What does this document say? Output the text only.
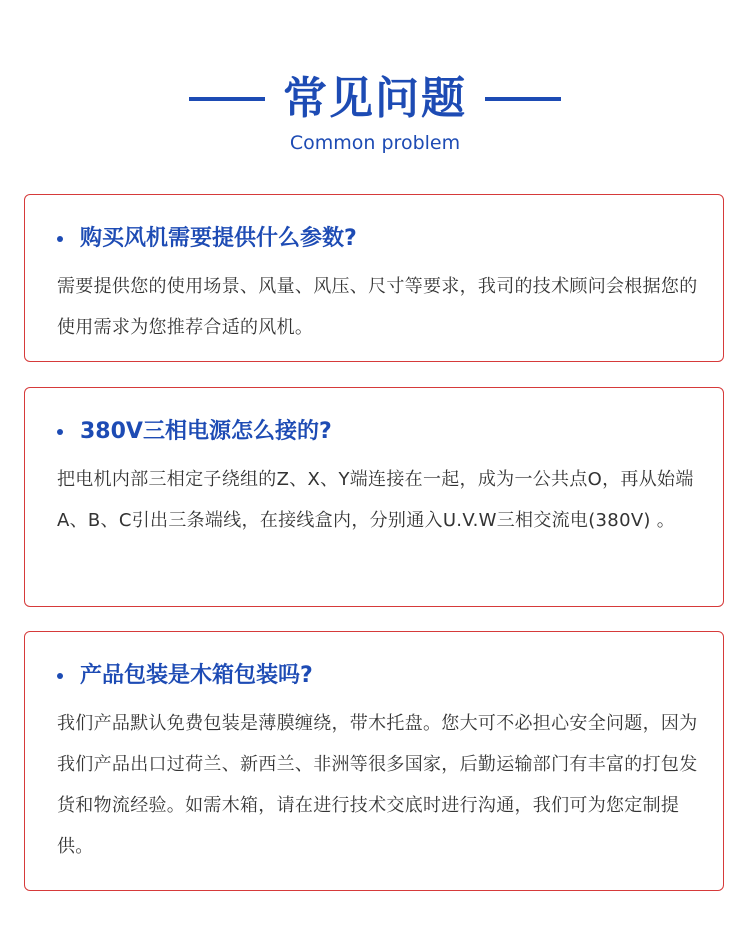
常见问题
Common problem
购买风机需要提供什么参数?
需要提供您的使用场景、风量、风压、尺寸等要求，我司的技术顾问会根据您的使用需求为您推荐合适的风机。
380V三相电源怎么接的?
把电机内部三相定子绕组的Z、X、Y端连接在一起，成为一公共点O，再从始端A、B、C引出三条端线，在接线盒内，分别通入U.V.W三相交流电(380V) 。
产品包装是木箱包装吗?
我们产品默认免费包装是薄膜缠绕，带木托盘。您大可不必担心安全问题，因为我们产品出口过荷兰、新西兰、非洲等很多国家，后勤运输部门有丰富的打包发货和物流经验。如需木箱，请在进行技术交底时进行沟通，我们可为您定制提供。
